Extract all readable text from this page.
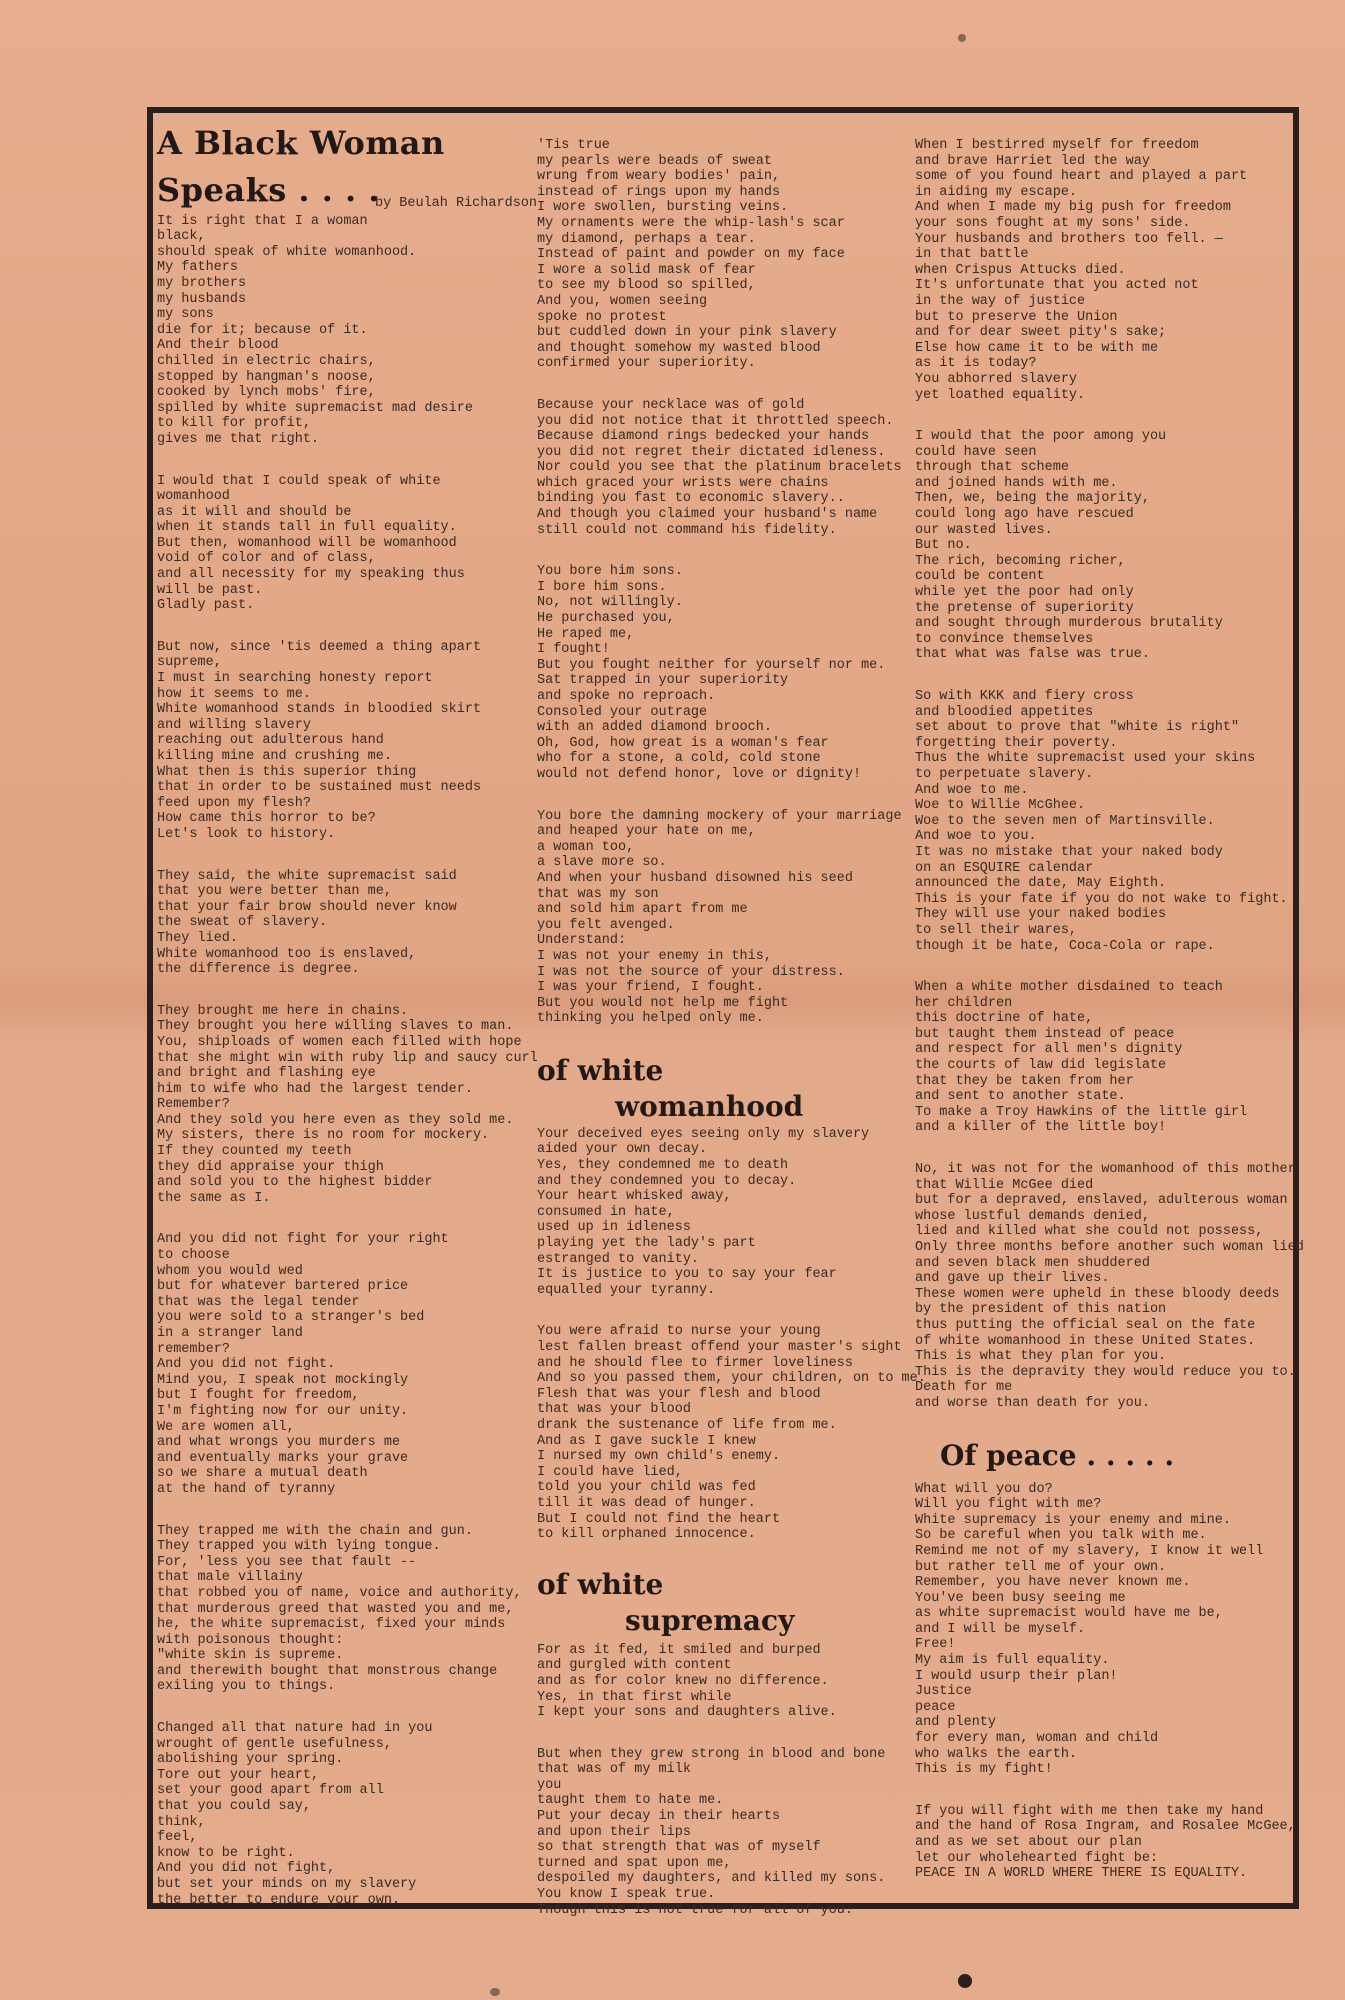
A Black Woman
Speaks . . . .
by Beulah Richardson
It is right that I a woman
black,
should speak of white womanhood.
My fathers
my brothers
my husbands
my sons
die for it; because of it.
And their blood
chilled in electric chairs,
stopped by hangman's noose,
cooked by lynch mobs' fire,
spilled by white supremacist mad desire
to kill for profit,
gives me that right.
I would that I could speak of white
womanhood
as it will and should be
when it stands tall in full equality.
But then, womanhood will be womanhood
void of color and of class,
and all necessity for my speaking thus
will be past.
Gladly past.
But now, since 'tis deemed a thing apart
supreme,
I must in searching honesty report
how it seems to me.
White womanhood stands in bloodied skirt
and willing slavery
reaching out adulterous hand
killing mine and crushing me.
What then is this superior thing
that in order to be sustained must needs
feed upon my flesh?
How came this horror to be?
Let's look to history.
They said, the white supremacist said
that you were better than me,
that your fair brow should never know
the sweat of slavery.
They lied.
White womanhood too is enslaved,
the difference is degree.
They brought me here in chains.
They brought you here willing slaves to man.
You, shiploads of women each filled with hope
that she might win with ruby lip and saucy curl
and bright and flashing eye
him to wife who had the largest tender.
Remember?
And they sold you here even as they sold me.
My sisters, there is no room for mockery.
If they counted my teeth
they did appraise your thigh
and sold you to the highest bidder
the same as I.
And you did not fight for your right
to choose
whom you would wed
but for whatever bartered price
that was the legal tender
you were sold to a stranger's bed
in a stranger land
remember?
And you did not fight.
Mind you, I speak not mockingly
but I fought for freedom,
I'm fighting now for our unity.
We are women all,
and what wrongs you murders me
and eventually marks your grave
so we share a mutual death
at the hand of tyranny
They trapped me with the chain and gun.
They trapped you with lying tongue.
For, 'less you see that fault --
that male villainy
that robbed you of name, voice and authority,
that murderous greed that wasted you and me,
he, the white supremacist, fixed your minds
with poisonous thought:
"white skin is supreme.
and therewith bought that monstrous change
exiling you to things.
Changed all that nature had in you
wrought of gentle usefulness,
abolishing your spring.
Tore out your heart,
set your good apart from all
that you could say,
think,
feel,
know to be right.
And you did not fight,
but set your minds on my slavery
the better to endure your own.
'Tis true
my pearls were beads of sweat
wrung from weary bodies' pain,
instead of rings upon my hands
I wore swollen, bursting veins.
My ornaments were the whip-lash's scar
my diamond, perhaps a tear.
Instead of paint and powder on my face
I wore a solid mask of fear
to see my blood so spilled,
And you, women seeing
spoke no protest
but cuddled down in your pink slavery
and thought somehow my wasted blood
confirmed your superiority.
Because your necklace was of gold
you did not notice that it throttled speech.
Because diamond rings bedecked your hands
you did not regret their dictated idleness.
Nor could you see that the platinum bracelets
which graced your wrists were chains
binding you fast to economic slavery..
And though you claimed your husband's name
still could not command his fidelity.
You bore him sons.
I bore him sons.
No, not willingly.
He purchased you,
He raped me,
I fought!
But you fought neither for yourself nor me.
Sat trapped in your superiority
and spoke no reproach.
Consoled your outrage
with an added diamond brooch.
Oh, God, how great is a woman's fear
who for a stone, a cold, cold stone
would not defend honor, love or dignity!
You bore the damning mockery of your marriage
and heaped your hate on me,
a woman too,
a slave more so.
And when your husband disowned his seed
that was my son
and sold him apart from me
you felt avenged.
Understand:
I was not your enemy in this,
I was not the source of your distress.
I was your friend, I fought.
But you would not help me fight
thinking you helped only me.
of white
womanhood
Your deceived eyes seeing only my slavery
aided your own decay.
Yes, they condemned me to death
and they condemned you to decay.
Your heart whisked away,
consumed in hate,
used up in idleness
playing yet the lady's part
estranged to vanity.
It is justice to you to say your fear
equalled your tyranny.
You were afraid to nurse your young
lest fallen breast offend your master's sight
and he should flee to firmer loveliness
And so you passed them, your children, on to me.
Flesh that was your flesh and blood
that was your blood
drank the sustenance of life from me.
And as I gave suckle I knew
I nursed my own child's enemy.
I could have lied,
told you your child was fed
till it was dead of hunger.
But I could not find the heart
to kill orphaned innocence.
of white
supremacy
For as it fed, it smiled and burped
and gurgled with content
and as for color knew no difference.
Yes, in that first while
I kept your sons and daughters alive.
But when they grew strong in blood and bone
that was of my milk
you
taught them to hate me.
Put your decay in their hearts
and upon their lips
so that strength that was of myself
turned and spat upon me,
despoiled my daughters, and killed my sons.
You know I speak true.
Though this is not true for all of you.
When I bestirred myself for freedom
and brave Harriet led the way
some of you found heart and played a part
in aiding my escape.
And when I made my big push for freedom
your sons fought at my sons' side.
Your husbands and brothers too fell. —
in that battle
when Crispus Attucks died.
It's unfortunate that you acted not
in the way of justice
but to preserve the Union
and for dear sweet pity's sake;
Else how came it to be with me
as it is today?
You abhorred slavery
yet loathed equality.
I would that the poor among you
could have seen
through that scheme
and joined hands with me.
Then, we, being the majority,
could long ago have rescued
our wasted lives.
But no.
The rich, becoming richer,
could be content
while yet the poor had only
the pretense of superiority
and sought through murderous brutality
to convince themselves
that what was false was true.
So with KKK and fiery cross
and bloodied appetites
set about to prove that "white is right"
forgetting their poverty.
Thus the white supremacist used your skins
to perpetuate slavery.
And woe to me.
Woe to Willie McGhee.
Woe to the seven men of Martinsville.
And woe to you.
It was no mistake that your naked body
on an ESQUIRE calendar
announced the date, May Eighth.
This is your fate if you do not wake to fight.
They will use your naked bodies
to sell their wares,
though it be hate, Coca-Cola or rape.
When a white mother disdained to teach
her children
this doctrine of hate,
but taught them instead of peace
and respect for all men's dignity
the courts of law did legislate
that they be taken from her
and sent to another state.
To make a Troy Hawkins of the little girl
and a killer of the little boy!
No, it was not for the womanhood of this mother
that Willie McGee died
but for a depraved, enslaved, adulterous woman
whose lustful demands denied,
lied and killed what she could not possess,
Only three months before another such woman lied
and seven black men shuddered
and gave up their lives.
These women were upheld in these bloody deeds
by the president of this nation
thus putting the official seal on the fate
of white womanhood in these United States.
This is what they plan for you.
This is the depravity they would reduce you to.
Death for me
and worse than death for you.
Of peace . . . . .
What will you do?
Will you fight with me?
White supremacy is your enemy and mine.
So be careful when you talk with me.
Remind me not of my slavery, I know it well
but rather tell me of your own.
Remember, you have never known me.
You've been busy seeing me
as white supremacist would have me be,
and I will be myself.
Free!
My aim is full equality.
I would usurp their plan!
Justice
peace
and plenty
for every man, woman and child
who walks the earth.
This is my fight!
If you will fight with me then take my hand
and the hand of Rosa Ingram, and Rosalee McGee,
and as we set about our plan
let our wholehearted fight be:
PEACE IN A WORLD WHERE THERE IS EQUALITY.
